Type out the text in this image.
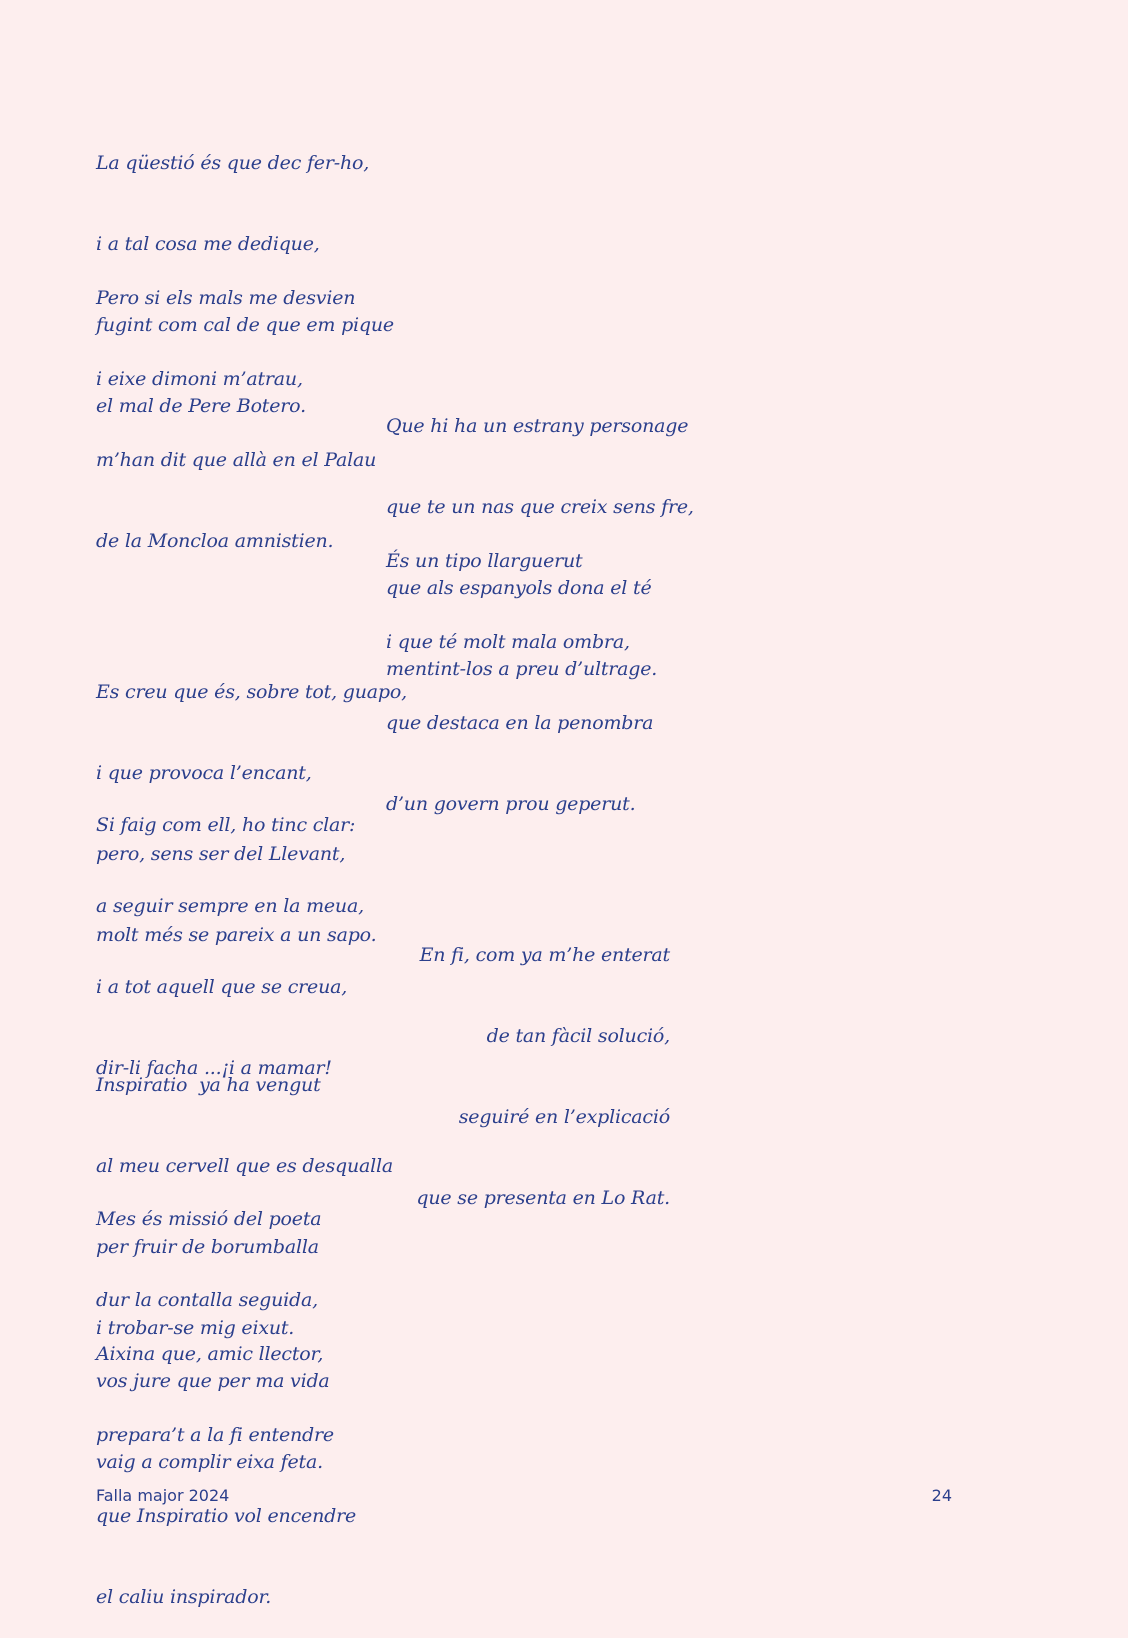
La qüestió és que dec fer-ho,

i a tal cosa me dedique,

fugint com cal de que em pique

el mal de Pere Botero.

Pero si els mals me desvien

i eixe dimoni m’atrau,

m’han dit que allà en el Palau

de la Moncloa amnistien.

Que hi ha un estrany personage

que te un nas que creix sens fre,

que als espanyols dona el té

mentint-los a preu d’ultrage.

És un tipo llarguerut

i que té molt mala ombra,

que destaca en la penombra

d’un govern prou geperut.

Es creu que és, sobre tot, guapo,

i que provoca l’encant,

pero, sens ser del Llevant,

molt més se pareix a un sapo.

Si faig com ell, ho tinc clar:

a seguir sempre en la meua,

i a tot aquell que se creua,

dir-li facha ...¡i a mamar!

En fi, com ya m’he enterat

de tan fàcil solució,

seguiré en l’explicació

que se presenta en Lo Rat.

Inspiratio  ya ha vengut

al meu cervell que es desqualla

per fruir de borumballa

i trobar-se mig eixut.

Mes és missió del poeta

dur la contalla seguida,

vos jure que per ma vida

vaig a complir eixa feta.

Aixina que, amic llector,

prepara’t a la fi entendre

que Inspiratio vol encendre

el caliu inspirador.

Falla major 2024	24
